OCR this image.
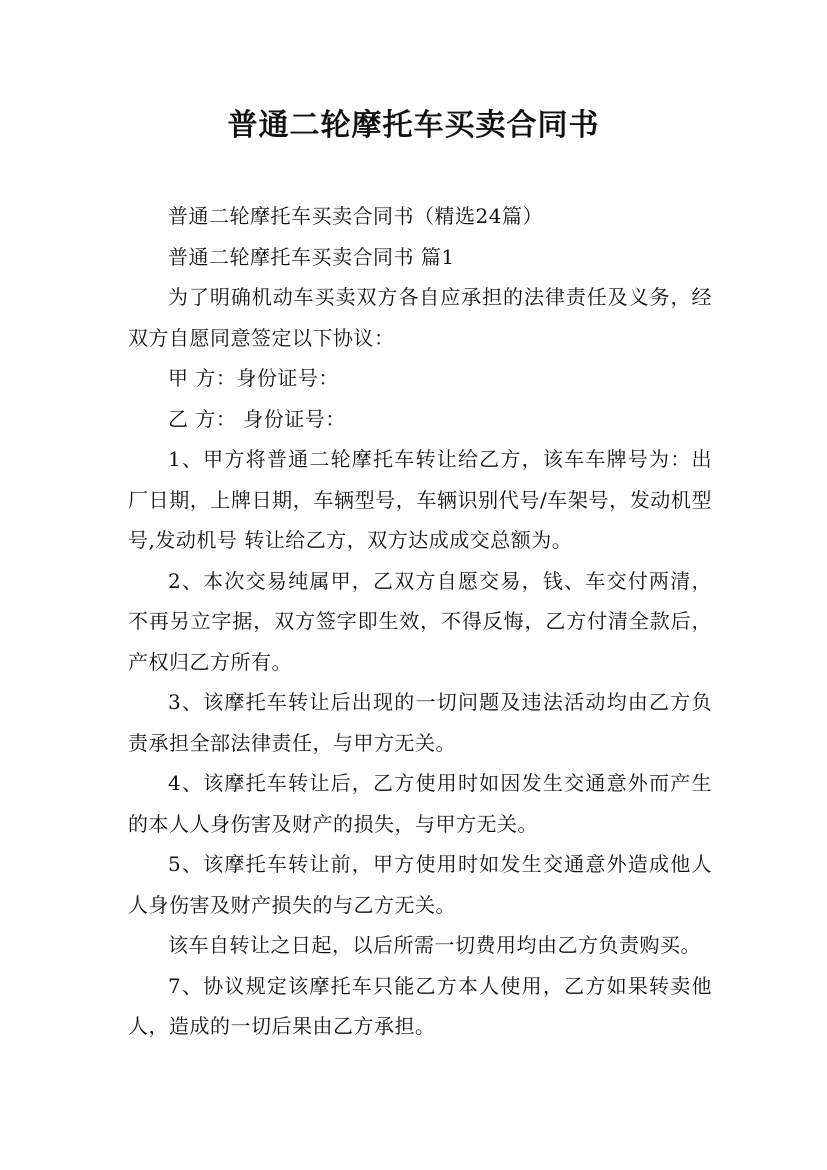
普通二轮摩托车买卖合同书

普通二轮摩托车买卖合同书（精选24篇）

普通二轮摩托车买卖合同书 篇1

为了明确机动车买卖双方各自应承担的法律责任及义务，经双方自愿同意签定以下协议：

甲 方：身份证号：

乙 方： 身份证号：

1、甲方将普通二轮摩托车转让给乙方，该车车牌号为：出厂日期，上牌日期，车辆型号，车辆识别代号/车架号，发动机型号,发动机号 转让给乙方，双方达成成交总额为。

2、本次交易纯属甲，乙双方自愿交易，钱、车交付两清，不再另立字据，双方签字即生效，不得反悔，乙方付清全款后，产权归乙方所有。

3、该摩托车转让后出现的一切问题及违法活动均由乙方负责承担全部法律责任，与甲方无关。

4、该摩托车转让后，乙方使用时如因发生交通意外而产生的本人人身伤害及财产的损失，与甲方无关。

5、该摩托车转让前，甲方使用时如发生交通意外造成他人人身伤害及财产损失的与乙方无关。

该车自转让之日起，以后所需一切费用均由乙方负责购买。

7、协议规定该摩托车只能乙方本人使用，乙方如果转卖他人，造成的一切后果由乙方承担。
